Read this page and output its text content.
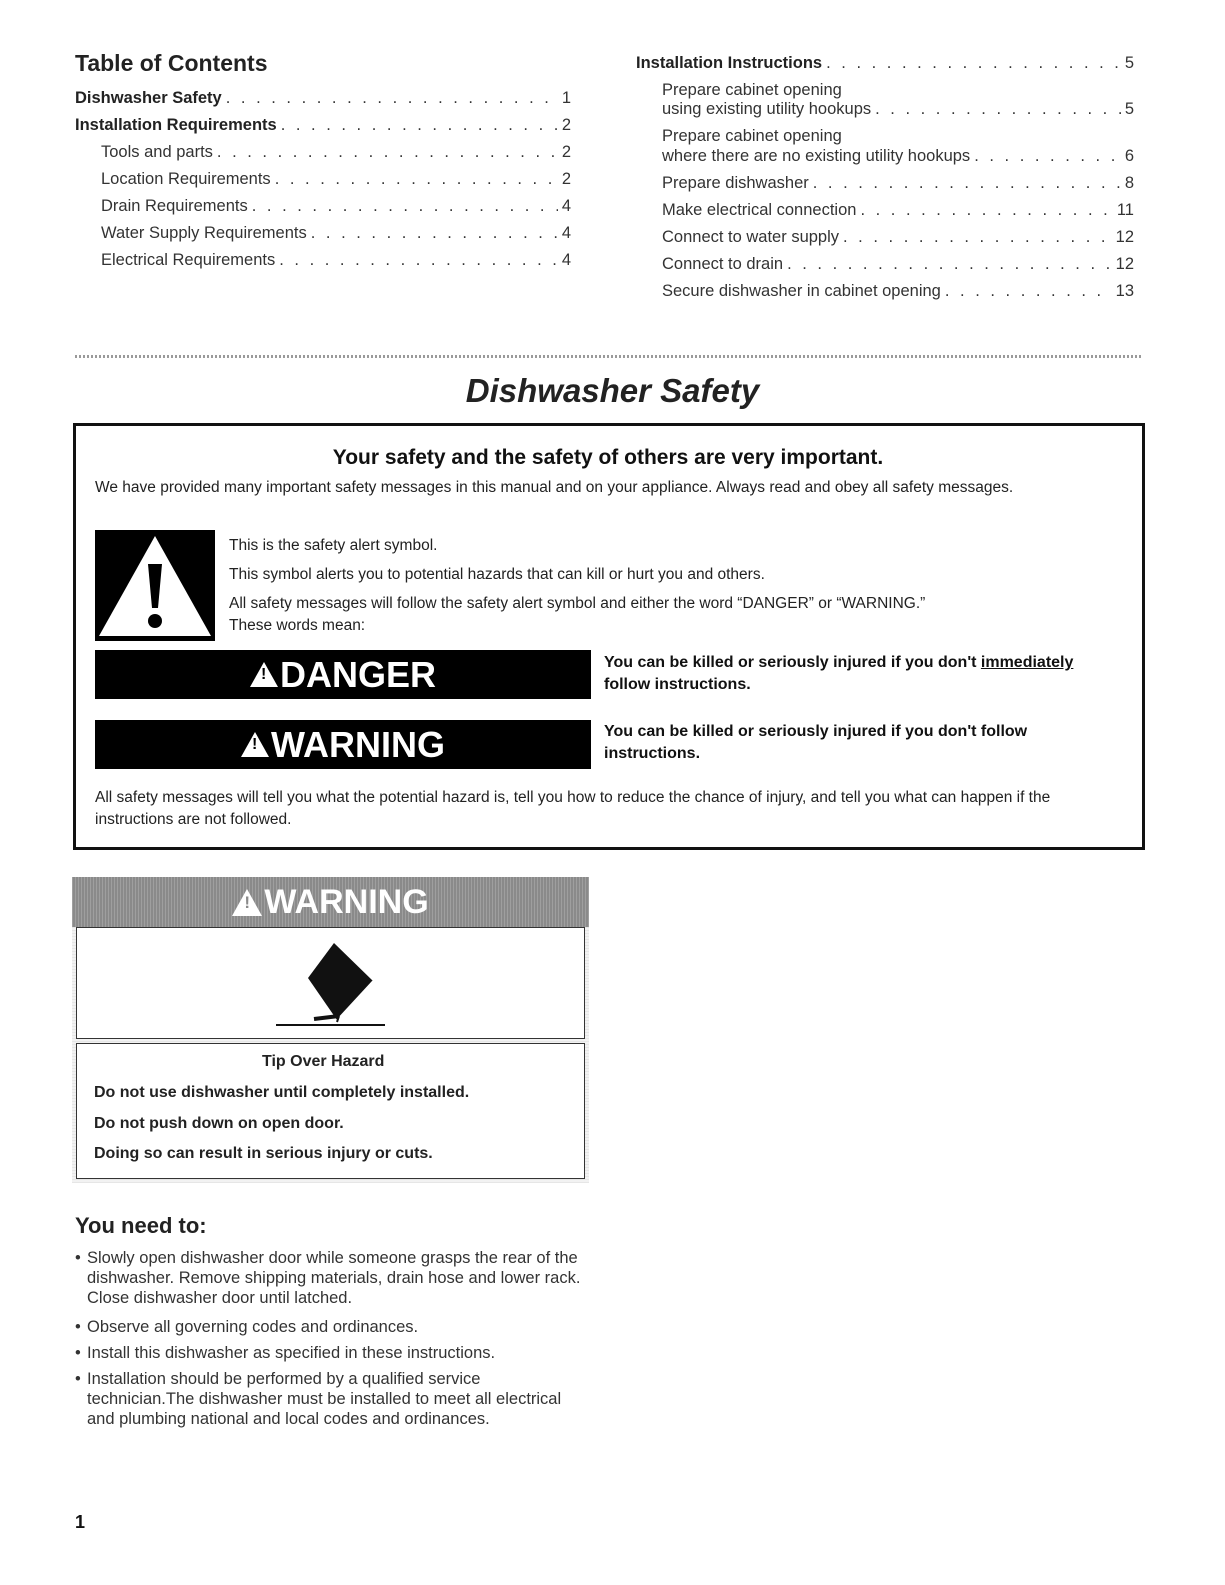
Table of Contents
Dishwasher Safety . . .	1
Installation Requirements . . .	2
Tools and parts . . .	2
Location Requirements . . .	2
Drain Requirements . . .	4
Water Supply Requirements . . .	4
Electrical Requirements . . .	4
Installation Instructions . . .	5
Prepare cabinet opening
using existing utility hookups . . .	5
Prepare cabinet opening
where there are no existing utility hookups . . .	6
Prepare dishwasher . . .	8
Make electrical connection . . .	11
Connect to water supply . . .	12
Connect to drain . . .	12
Secure dishwasher in cabinet opening . . .	13
Dishwasher Safety
Your safety and the safety of others are very important.
We have provided many important safety messages in this manual and on your appliance. Always read and obey all safety messages.
This is the safety alert symbol.
This symbol alerts you to potential hazards that can kill or hurt you and others.
All safety messages will follow the safety alert symbol and either the word “DANGER” or “WARNING.”
These words mean:
!
DANGER	You can be killed or seriously injured if you don't immediately follow instructions.
!
WARNING	You can be killed or seriously injured if you don't follow instructions.
All safety messages will tell you what the potential hazard is, tell you how to reduce the chance of injury, and tell you what can happen if the instructions are not followed.
!
WARNING
Tip Over Hazard
Do not use dishwasher until completely installed.
Do not push down on open door.
Doing so can result in serious injury or cuts.
You need to:
• Slowly open dishwasher door while someone grasps the rear of the dishwasher. Remove shipping materials, drain hose and lower rack. Close dishwasher door until latched.
• Observe all governing codes and ordinances.
• Install this dishwasher as specified in these instructions.
• Installation should be performed by a qualified service technician.The dishwasher must be installed to meet all electrical and plumbing national and local codes and ordinances.
1
